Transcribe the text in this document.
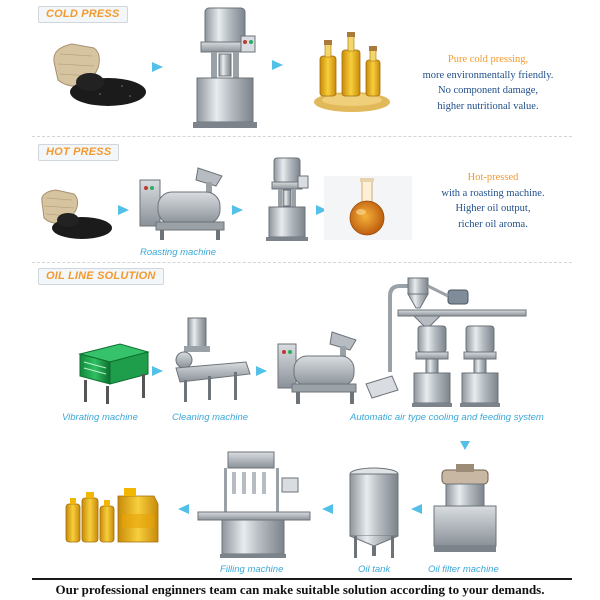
COLD PRESS
Pure cold pressing,
more environmentally friendly.
No component damage,
higher nutritional value.
HOT PRESS
Roasting machine
Hot-pressed
with a roasting machine.
Higher oil output,
richer oil aroma.
OIL LINE SOLUTION
Vibrating machine	Cleaning machine	Automatic air type cooling and feeding system
Filling machine	Oil tank	Oil filter machine
Our professional enginners team can make suitable solution according to your demands.
